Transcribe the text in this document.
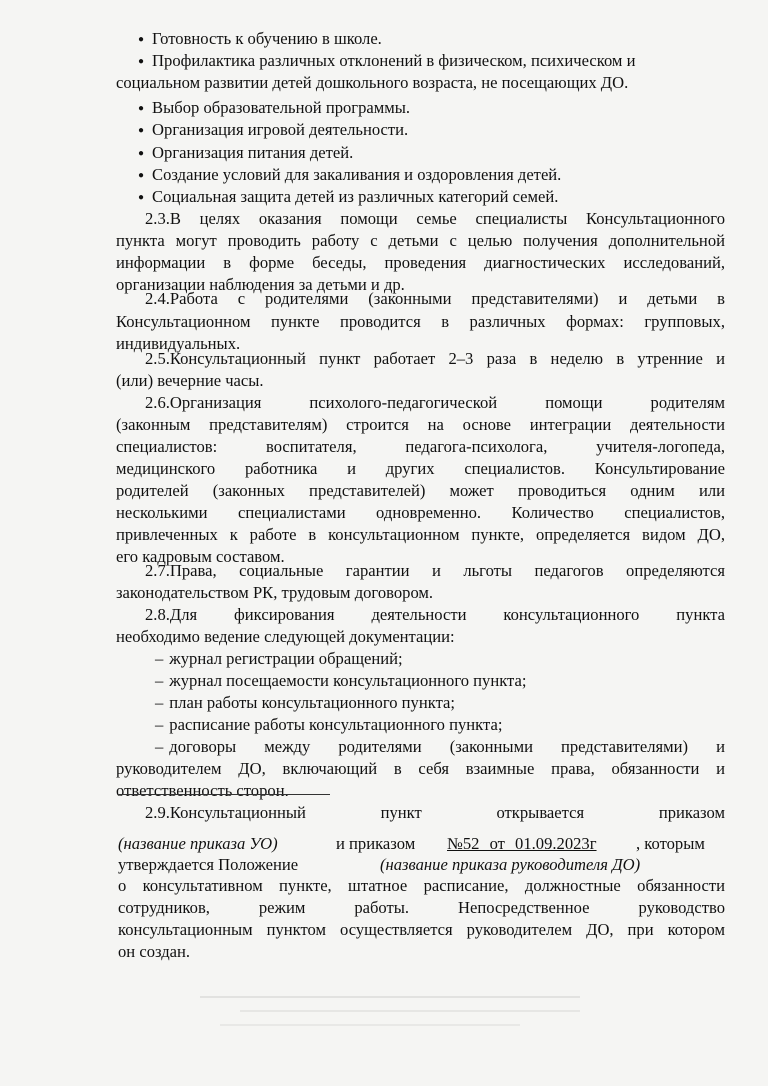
● Готовность к обучению в школе.
● Профилактика различных отклонений в физическом, психическом и
социальном развитии детей дошкольного возраста, не посещающих ДО.
● Выбор образовательной программы.
● Организация игровой деятельности.
● Организация питания детей.
● Создание условий для закаливания и оздоровления детей.
● Социальная защита детей из различных категорий семей.
2.3.В целях оказания помощи семье специалисты Консультационного
пункта могут проводить работу с детьми с целью получения дополнительной
информации в форме беседы, проведения диагностических исследований,
организации наблюдения за детьми и др.
2.4.Работа с родителями (законными представителями) и детьми в
Консультационном пункте проводится в различных формах: групповых,
индивидуальных.
2.5.Консультационный пункт работает 2–3 раза в неделю в утренние и
(или) вечерние часы.
2.6.Организация психолого-педагогической помощи родителям
(законным представителям) строится на основе интеграции деятельности
специалистов: воспитателя, педагога-психолога, учителя-логопеда,
медицинского работника и других специалистов. Консультирование
родителей (законных представителей) может проводиться одним или
несколькими специалистами одновременно. Количество специалистов,
привлеченных к работе в консультационном пункте, определяется видом ДО,
его кадровым составом.
2.7.Права, социальные гарантии и льготы педагогов определяются
законодательством РК, трудовым договором.
2.8.Для фиксирования деятельности консультационного пункта
необходимо ведение следующей документации:
– журнал регистрации обращений;
– журнал посещаемости консультационного пункта;
– план работы консультационного пункта;
– расписание работы консультационного пункта;
– договоры между родителями (законными представителями) и
руководителем ДО, включающий в себя взаимные права, обязанности и
ответственность сторон.
2.9.Консультационный пункт открывается приказом
(название приказа УО)	и приказом №52 от 01.09.2023г , которым
утверждается Положение	(название приказа руководителя ДО)
о консультативном пункте, штатное расписание, должностные обязанности
сотрудников, режим работы. Непосредственное руководство
консультационным пунктом осуществляется руководителем ДО, при котором
он создан.
